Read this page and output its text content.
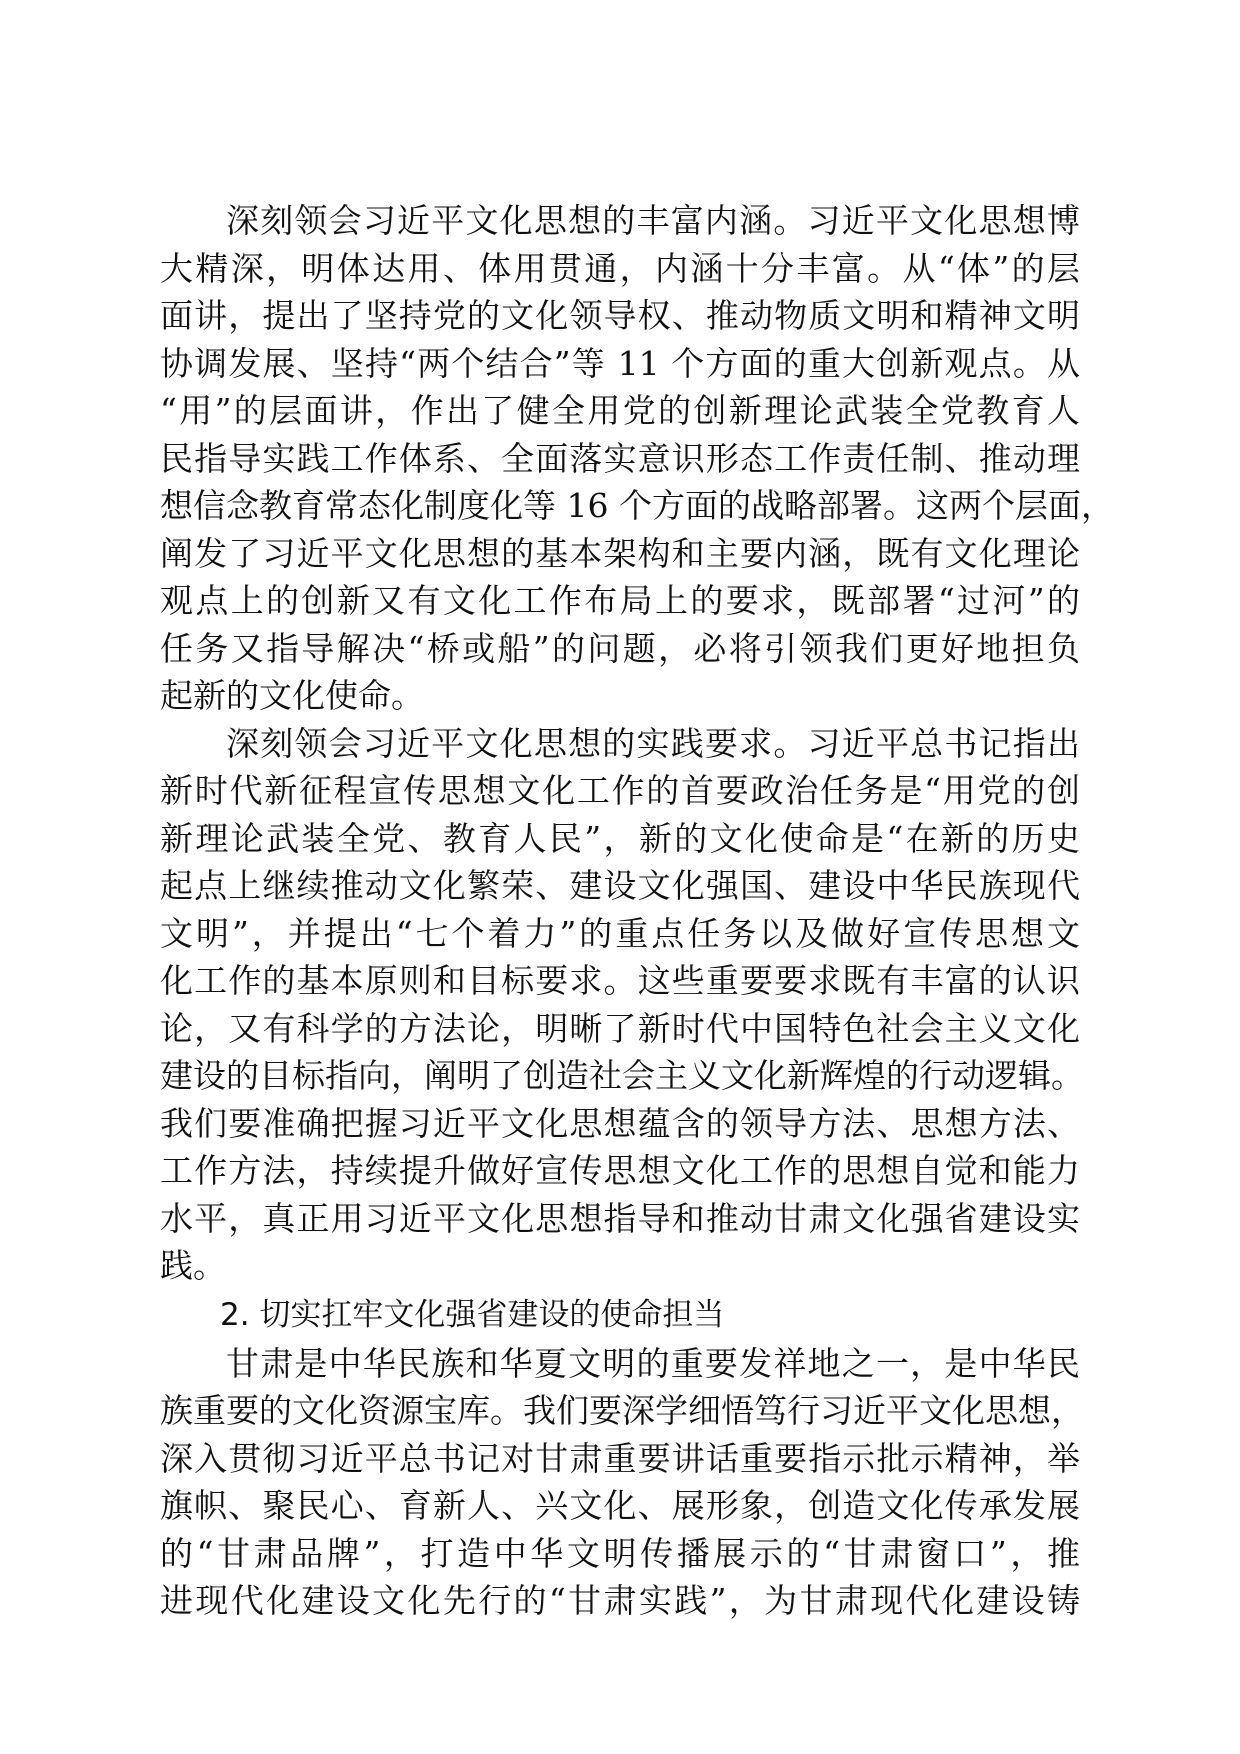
深刻领会习近平文化思想的丰富内涵。习近平文化思想博
大精深，明体达用、体用贯通，内涵十分丰富。从“体”的层
面讲，提出了坚持党的文化领导权、推动物质文明和精神文明
协调发展、坚持“两个结合”等 11 个方面的重大创新观点。从
“用”的层面讲，作出了健全用党的创新理论武装全党教育人
民指导实践工作体系、全面落实意识形态工作责任制、推动理
想信念教育常态化制度化等 16 个方面的战略部署。这两个层面，
阐发了习近平文化思想的基本架构和主要内涵，既有文化理论
观点上的创新又有文化工作布局上的要求，既部署“过河”的
任务又指导解决“桥或船”的问题，必将引领我们更好地担负
起新的文化使命。
深刻领会习近平文化思想的实践要求。习近平总书记指出
新时代新征程宣传思想文化工作的首要政治任务是“用党的创
新理论武装全党、教育人民”，新的文化使命是“在新的历史
起点上继续推动文化繁荣、建设文化强国、建设中华民族现代
文明”，并提出“七个着力”的重点任务以及做好宣传思想文
化工作的基本原则和目标要求。这些重要要求既有丰富的认识
论，又有科学的方法论，明晰了新时代中国特色社会主义文化
建设的目标指向，阐明了创造社会主义文化新辉煌的行动逻辑。
我们要准确把握习近平文化思想蕴含的领导方法、思想方法、
工作方法，持续提升做好宣传思想文化工作的思想自觉和能力
水平，真正用习近平文化思想指导和推动甘肃文化强省建设实
践。
2. 切实扛牢文化强省建设的使命担当
甘肃是中华民族和华夏文明的重要发祥地之一，是中华民
族重要的文化资源宝库。我们要深学细悟笃行习近平文化思想，
深入贯彻习近平总书记对甘肃重要讲话重要指示批示精神，举
旗帜、聚民心、育新人、兴文化、展形象，创造文化传承发展
的“甘肃品牌”，打造中华文明传播展示的“甘肃窗口”，推
进现代化建设文化先行的“甘肃实践”，为甘肃现代化建设铸
